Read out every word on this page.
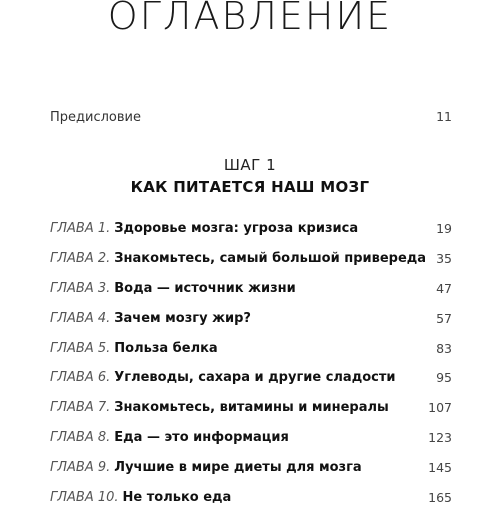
ОГЛАВЛЕНИЕ
Предисловие	11
ШАГ 1
КАК ПИТАЕТСЯ НАШ МОЗГ
ГЛАВА 1. Здоровье мозга: угроза кризиса	19
ГЛАВА 2. Знакомьтесь, самый большой привереда 35
ГЛАВА 3. Вода — источник жизни	47
ГЛАВА 4. Зачем мозгу жир?	57
ГЛАВА 5. Польза белка	83
ГЛАВА 6. Углеводы, сахара и другие сладости	95
ГЛАВА 7. Знакомьтесь, витамины и минералы	107
ГЛАВА 8. Еда — это информация	123
ГЛАВА 9. Лучшие в мире диеты для мозга	145
ГЛАВА 10. Не только еда	165
